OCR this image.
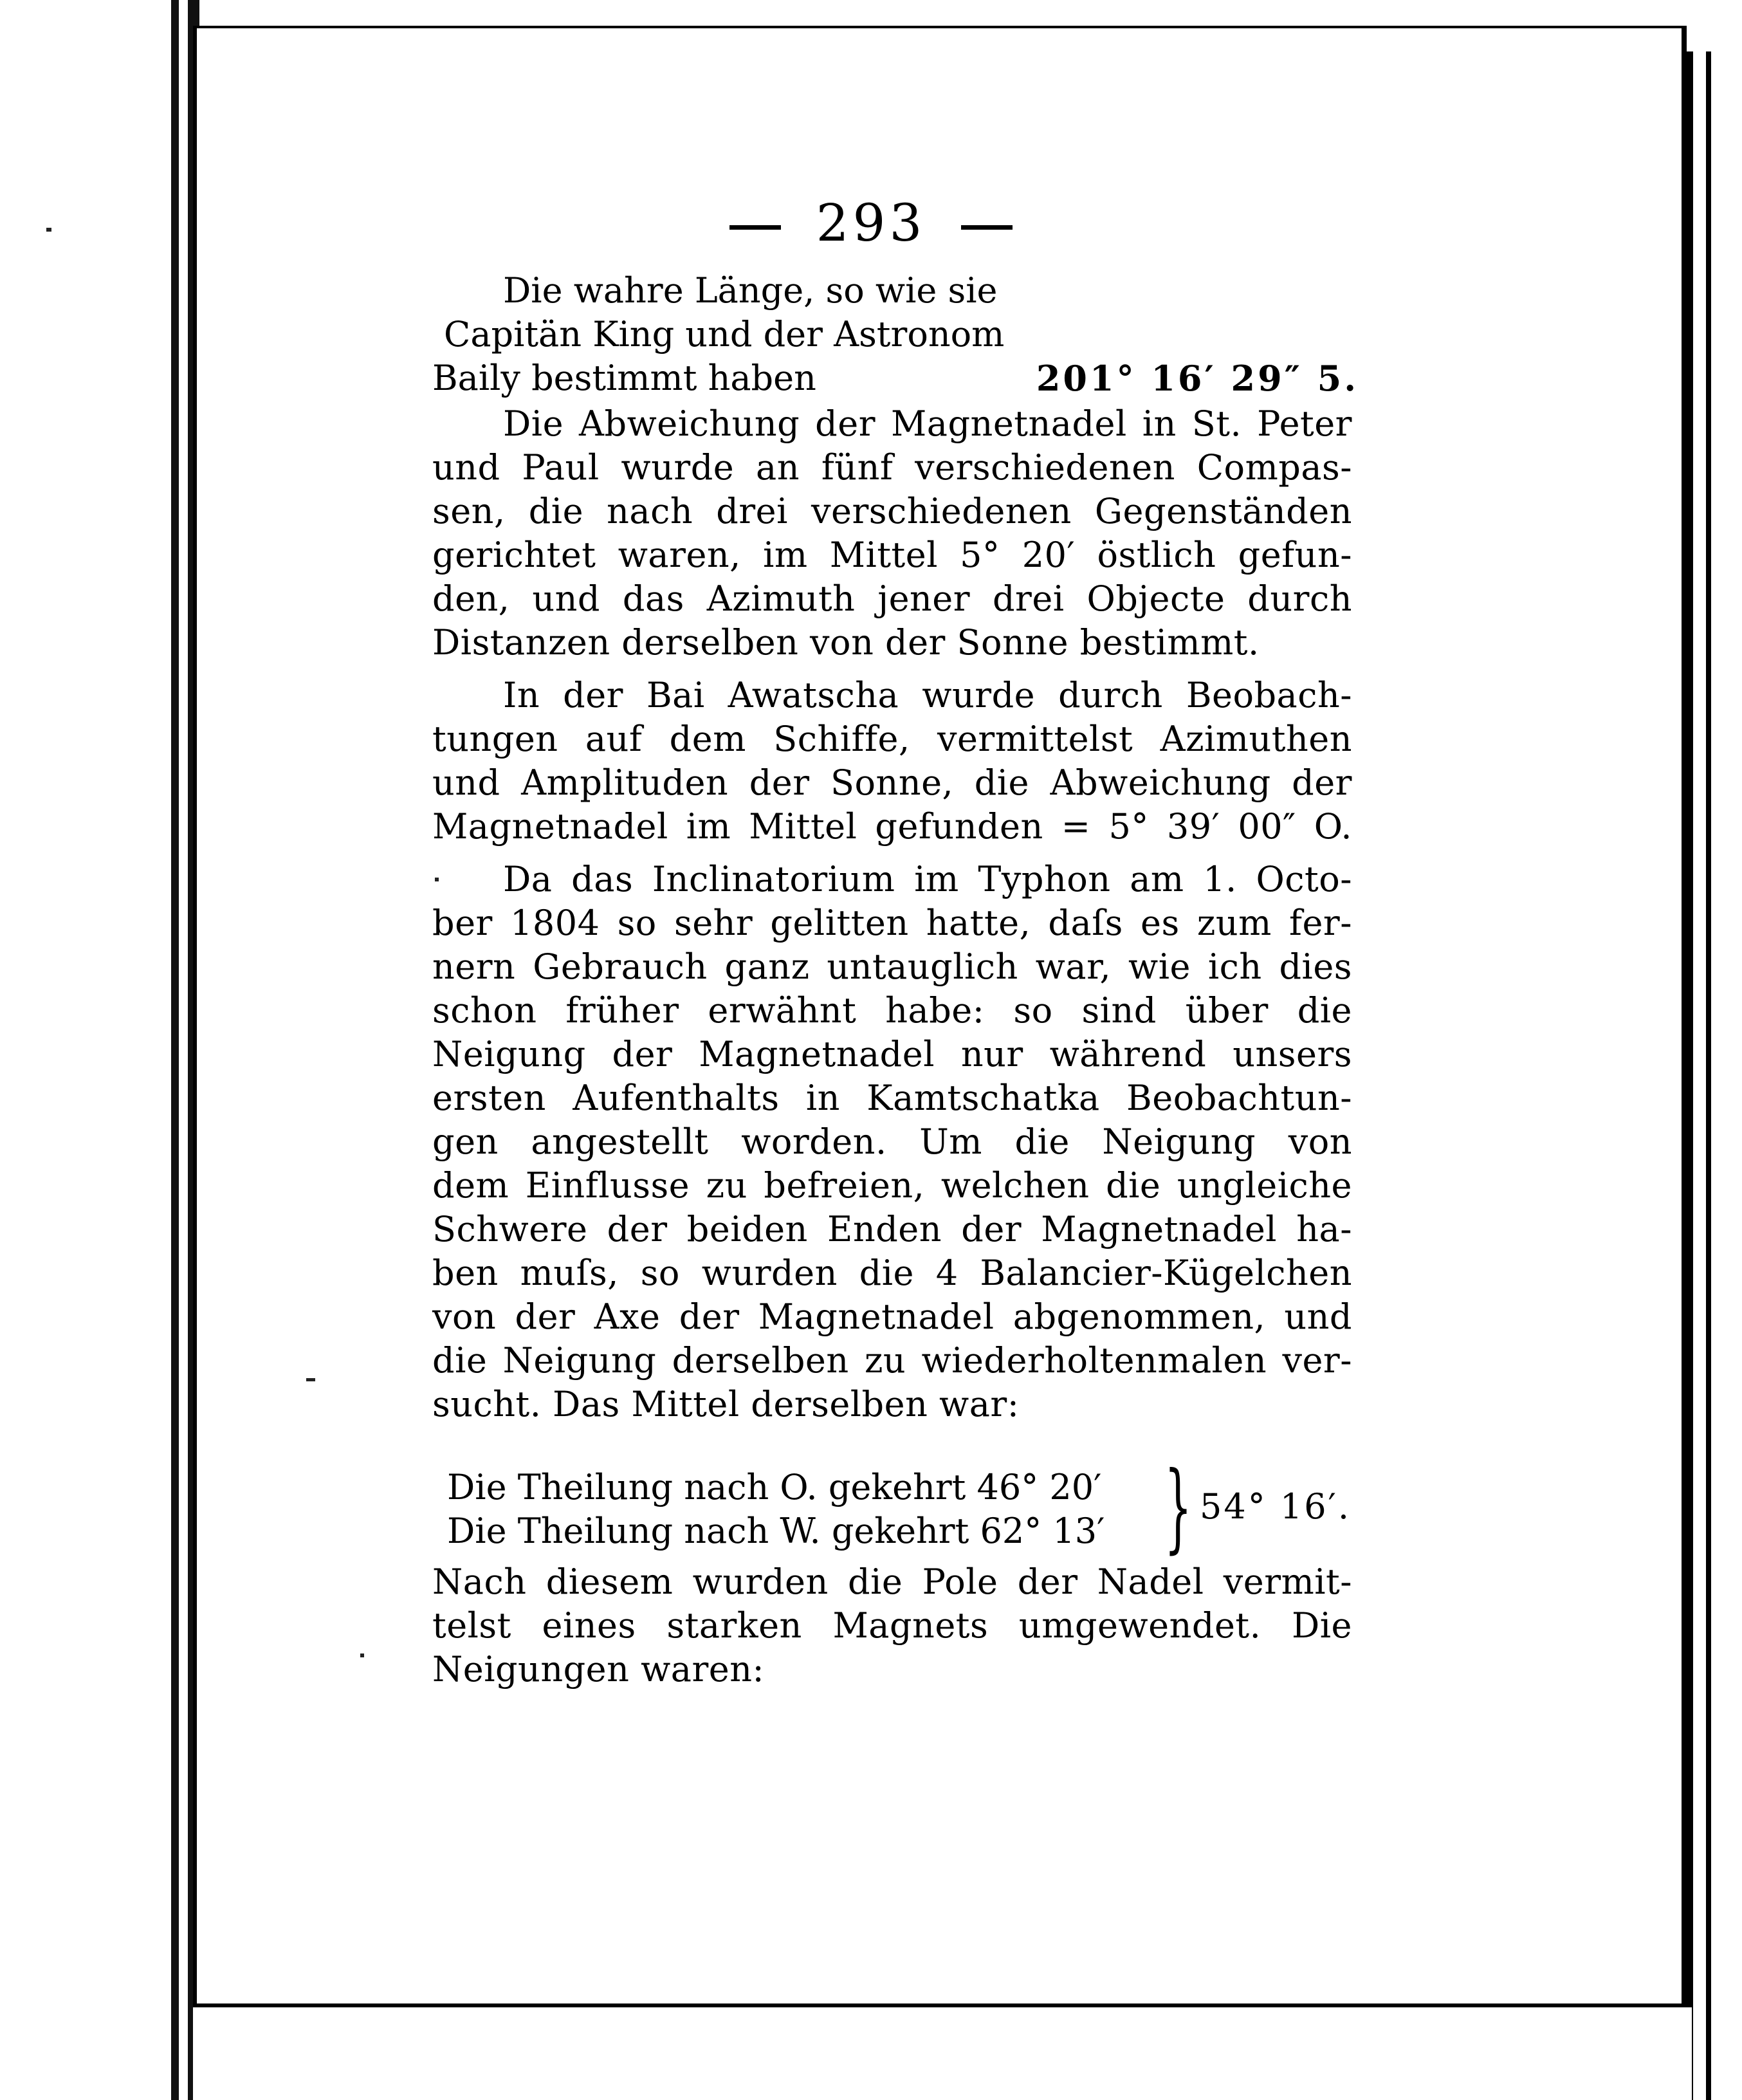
293
Die wahre Länge, so wie sie
Capitän King und der Astronom
Baily bestimmt haben	201° 16′ 29″ 5.
Die Abweichung der Magnetnadel in St. Peter
und Paul wurde an fünf verschiedenen Compas-
sen, die nach drei verschiedenen Gegenständen
gerichtet waren, im Mittel 5° 20′ östlich gefun-
den, und das Azimuth jener drei Objecte durch
Distanzen derselben von der Sonne bestimmt.
In der Bai Awatscha wurde durch Beobach-
tungen auf dem Schiffe, vermittelst Azimuthen
und Amplituden der Sonne, die Abweichung der
Magnetnadel im Mittel gefunden = 5° 39′ 00″ O.
Da das Inclinatorium im Typhon am 1. Octo-
ber 1804 so sehr gelitten hatte, daſs es zum fer-
nern Gebrauch ganz untauglich war, wie ich dies
schon früher erwähnt habe: so sind über die
Neigung der Magnetnadel nur während unsers
ersten Aufenthalts in Kamtschatka Beobachtun-
gen angestellt worden. Um die Neigung von
dem Einflusse zu befreien, welchen die ungleiche
Schwere der beiden Enden der Magnetnadel ha-
ben muſs, so wurden die 4 Balancier-Kügelchen
von der Axe der Magnetnadel abgenommen, und
die Neigung derselben zu wiederholtenmalen ver-
sucht. Das Mittel derselben war:
Die Theilung nach O. gekehrt 46° 20′
Die Theilung nach W. gekehrt 62° 13′ } 54° 16′.
Nach diesem wurden die Pole der Nadel vermit-
telst eines starken Magnets umgewendet. Die
Neigungen waren:
